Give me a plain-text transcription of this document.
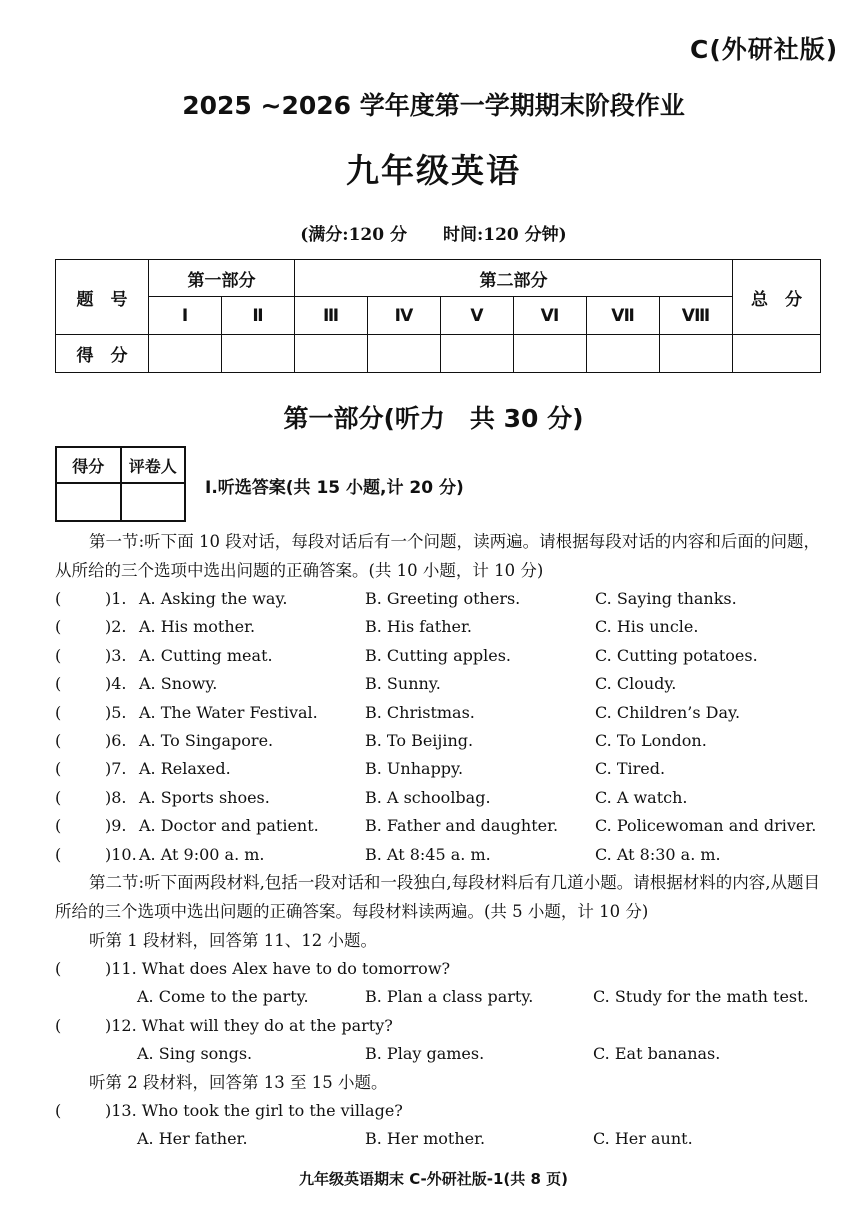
C(外研社版)
2025 ~2026 学年度第一学期期末阶段作业
九年级英语
(满分:120 分 时间:120 分钟)
题　号	第一部分		第二部分						总　分
	Ⅰ	Ⅱ	Ⅲ	Ⅳ	Ⅴ	Ⅵ	Ⅶ	Ⅷ	
得　分									
第一部分(听力　共 30 分)
得分	评卷人

Ⅰ.听选答案(共 15 小题,计 20 分)
第一节:听下面 10 段对话，每段对话后有一个问题，读两遍。请根据每段对话的内容和后面的问题，从所给的三个选项中选出问题的正确答案。(共 10 小题，计 10 分)
(	)1. A. Asking the way.	B. Greeting others.	C. Saying thanks.
(	)2. A. His mother.	B. His father.	C. His uncle.
(	)3. A. Cutting meat.	B. Cutting apples.	C. Cutting potatoes.
(	)4. A. Snowy.	B. Sunny.	C. Cloudy.
(	)5. A. The Water Festival.	B. Christmas.	C. Children’s Day.
(	)6. A. To Singapore.	B. To Beijing.	C. To London.
(	)7. A. Relaxed.	B. Unhappy.	C. Tired.
(	)8. A. Sports shoes.	B. A schoolbag.	C. A watch.
(	)9. A. Doctor and patient.	B. Father and daughter. C. Policewoman and driver.
(	)10. A. At 9:00 a. m.	B. At 8:45 a. m.	C. At 8:30 a. m.
第二节:听下面两段材料,包括一段对话和一段独白,每段材料后有几道小题。请根据材料的内容,从题目所给的三个选项中选出问题的正确答案。每段材料读两遍。(共 5 小题，计 10 分)
听第 1 段材料，回答第 11、12 小题。
(	)11. What does Alex have to do tomorrow?
A. Come to the party.	B. Plan a class party.	C. Study for the math test.
(	)12. What will they do at the party?
A. Sing songs.	B. Play games.	C. Eat bananas.
听第 2 段材料，回答第 13 至 15 小题。
(	)13. Who took the girl to the village?
A. Her father.	B. Her mother.	C. Her aunt.
九年级英语期末 C-外研社版-1(共 8 页)
